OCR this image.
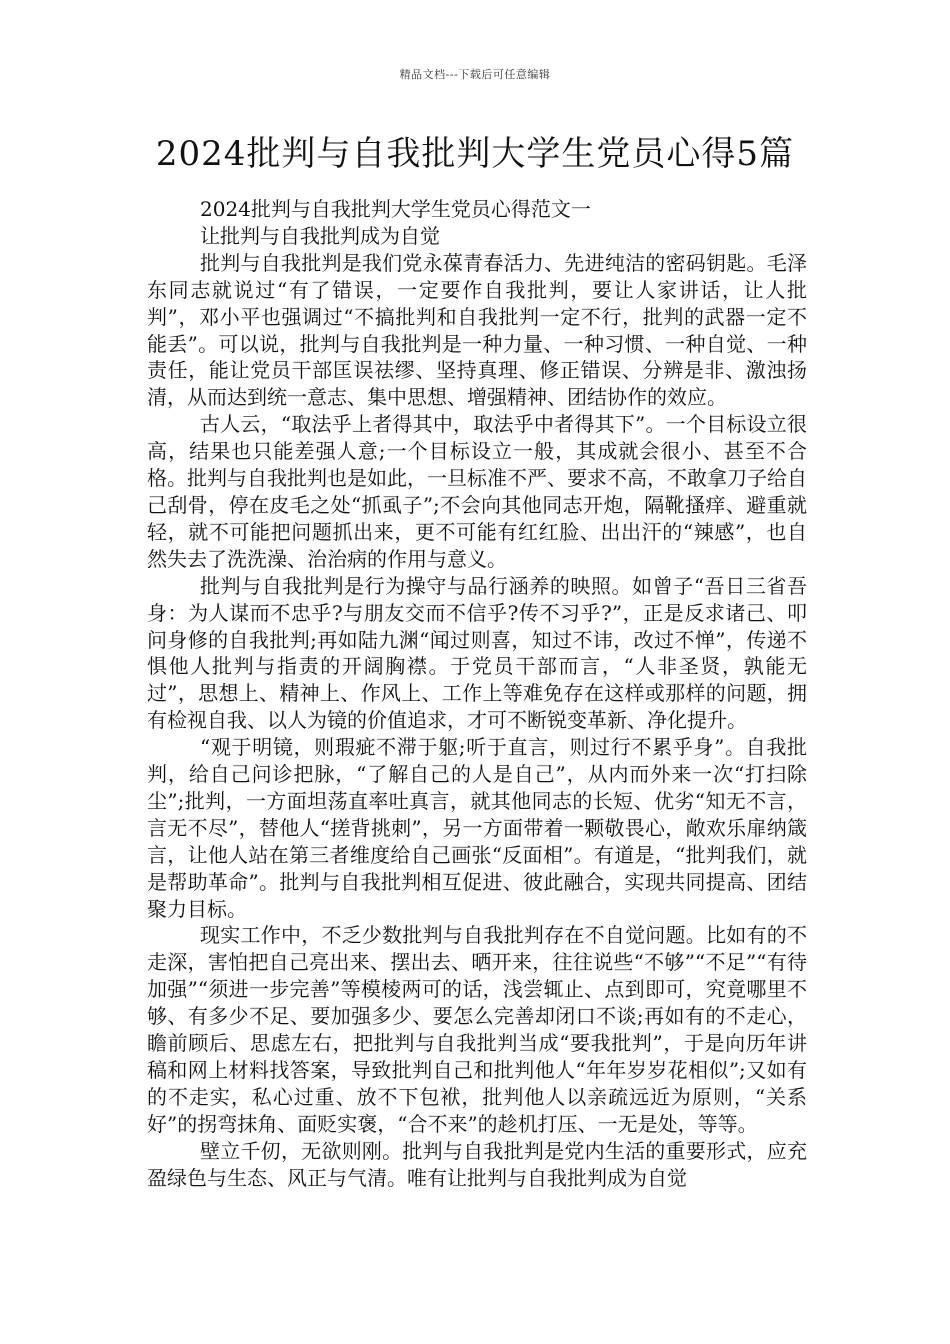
精品文档---下载后可任意编辑
2024批判与自我批判大学生党员心得5篇

2024批判与自我批判大学生党员心得范文一

让批判与自我批判成为自觉

批判与自我批判是我们党永葆青春活力、先进纯洁的密码钥匙。毛泽东同志就说过“有了错误，一定要作自我批判，要让人家讲话，让人批判”，邓小平也强调过“不搞批判和自我批判一定不行，批判的武器一定不能丢”。可以说，批判与自我批判是一种力量、一种习惯、一种自觉、一种责任，能让党员干部匡误祛缪、坚持真理、修正错误、分辨是非、激浊扬清，从而达到统一意志、集中思想、增强精神、团结协作的效应。

古人云，“取法乎上者得其中，取法乎中者得其下”。一个目标设立很高，结果也只能差强人意;一个目标设立一般，其成就会很小、甚至不合格。批判与自我批判也是如此，一旦标准不严、要求不高，不敢拿刀子给自己刮骨，停在皮毛之处“抓虱子”;不会向其他同志开炮，隔靴搔痒、避重就轻，就不可能把问题抓出来，更不可能有红红脸、出出汗的“辣感”，也自然失去了洗洗澡、治治病的作用与意义。

批判与自我批判是行为操守与品行涵养的映照。如曾子“吾日三省吾身：为人谋而不忠乎?与朋友交而不信乎?传不习乎?”，正是反求诸己、叩问身修的自我批判;再如陆九渊“闻过则喜，知过不讳，改过不惮”，传递不惧他人批判与指责的开阔胸襟。于党员干部而言，“人非圣贤，孰能无过”，思想上、精神上、作风上、工作上等难免存在这样或那样的问题，拥有检视自我、以人为镜的价值追求，才可不断锐变革新、净化提升。

“观于明镜，则瑕疵不滞于躯;听于直言，则过行不累乎身”。自我批判，给自己问诊把脉，“了解自己的人是自己”，从内而外来一次“打扫除尘”;批判，一方面坦荡直率吐真言，就其他同志的长短、优劣“知无不言，言无不尽”，替他人“搓背挑刺”，另一方面带着一颗敬畏心，敞欢乐扉纳箴言，让他人站在第三者维度给自己画张“反面相”。有道是，“批判我们，就是帮助革命”。批判与自我批判相互促进、彼此融合，实现共同提高、团结聚力目标。

现实工作中，不乏少数批判与自我批判存在不自觉问题。比如有的不走深，害怕把自己亮出来、摆出去、晒开来，往往说些“不够”“不足”“有待加强”“须进一步完善”等模棱两可的话，浅尝辄止、点到即可，究竟哪里不够、有多少不足、要加强多少、要怎么完善却闭口不谈;再如有的不走心，瞻前顾后、思虑左右，把批判与自我批判当成“要我批判”，于是向历年讲稿和网上材料找答案，导致批判自己和批判他人“年年岁岁花相似”;又如有的不走实，私心过重、放不下包袱，批判他人以亲疏远近为原则，“关系好”的拐弯抹角、面贬实褒，“合不来”的趁机打压、一无是处，等等。

壁立千仞，无欲则刚。批判与自我批判是党内生活的重要形式，应充盈绿色与生态、风正与气清。唯有让批判与自我批判成为自觉
